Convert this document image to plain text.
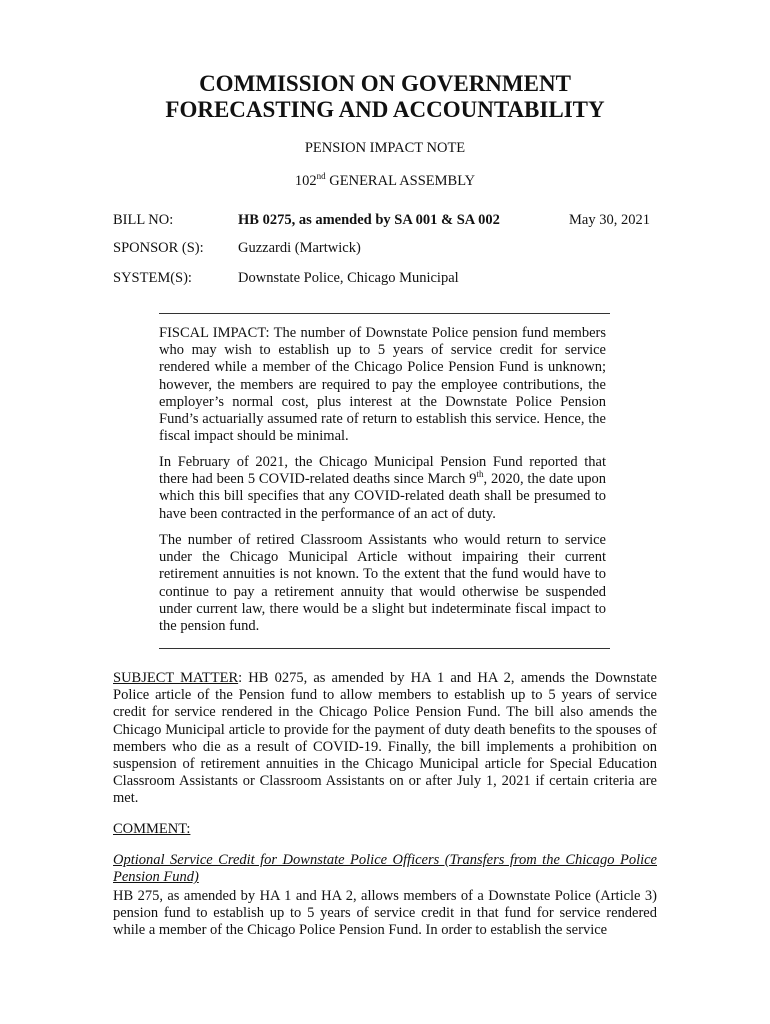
COMMISSION ON GOVERNMENT
FORECASTING AND ACCOUNTABILITY
PENSION IMPACT NOTE
102nd GENERAL ASSEMBLY
BILL NO:	HB 0275, as amended by SA 001 & SA 002	May 30, 2021
SPONSOR (S): Guzzardi (Martwick)
SYSTEM(S):	Downstate Police, Chicago Municipal

FISCAL IMPACT: The number of Downstate Police pension fund members who may wish to establish up to 5 years of service credit for service rendered while a member of the Chicago Police Pension Fund is unknown; however, the members are required to pay the employee contributions, the employer’s normal cost, plus interest at the Downstate Police Pension Fund’s actuarially assumed rate of return to establish this service. Hence, the fiscal impact should be minimal.

In February of 2021, the Chicago Municipal Pension Fund reported that there had been 5 COVID-related deaths since March 9th, 2020, the date upon which this bill specifies that any COVID-related death shall be presumed to have been contracted in the performance of an act of duty.

The number of retired Classroom Assistants who would return to service under the Chicago Municipal Article without impairing their current retirement annuities is not known. To the extent that the fund would have to continue to pay a retirement annuity that would otherwise be suspended under current law, there would be a slight but indeterminate fiscal impact to the pension fund.

SUBJECT MATTER: HB 0275, as amended by HA 1 and HA 2, amends the Downstate Police article of the Pension fund to allow members to establish up to 5 years of service credit for service rendered in the Chicago Police Pension Fund. The bill also amends the Chicago Municipal article to provide for the payment of duty death benefits to the spouses of members who die as a result of COVID-19. Finally, the bill implements a prohibition on suspension of retirement annuities in the Chicago Municipal article for Special Education Classroom Assistants or Classroom Assistants on or after July 1, 2021 if certain criteria are met.

COMMENT:

Optional Service Credit for Downstate Police Officers (Transfers from the Chicago Police Pension Fund)

HB 275, as amended by HA 1 and HA 2, allows members of a Downstate Police (Article 3) pension fund to establish up to 5 years of service credit in that fund for service rendered while a member of the Chicago Police Pension Fund. In order to establish the service
